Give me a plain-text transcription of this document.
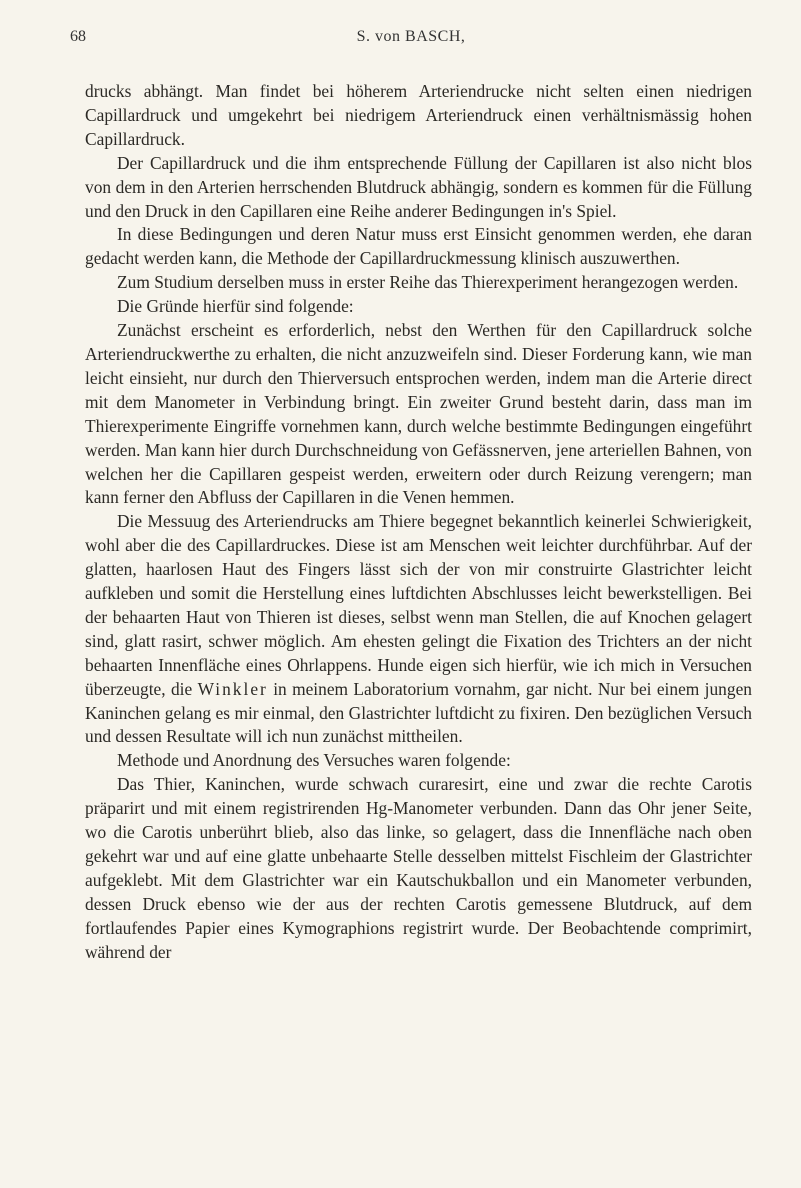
68	S. von BASCH,

drucks abhängt. Man findet bei höherem Arteriendrucke nicht selten einen niedrigen Capillardruck und umgekehrt bei niedrigem Arteriendruck einen verhältnismässig hohen Capillardruck.

Der Capillardruck und die ihm entsprechende Füllung der Capillaren ist also nicht blos von dem in den Arterien herrschenden Blutdruck abhängig, sondern es kommen für die Füllung und den Druck in den Capillaren eine Reihe anderer Bedingungen in's Spiel.

In diese Bedingungen und deren Natur muss erst Einsicht genommen werden, ehe daran gedacht werden kann, die Methode der Capillardruckmessung klinisch auszuwerthen.

Zum Studium derselben muss in erster Reihe das Thierexperiment herangezogen werden.

Die Gründe hierfür sind folgende:

Zunächst erscheint es erforderlich, nebst den Werthen für den Capillardruck solche Arteriendruckwerthe zu erhalten, die nicht anzuzweifeln sind. Dieser Forderung kann, wie man leicht einsieht, nur durch den Thierversuch entsprochen werden, indem man die Arterie direct mit dem Manometer in Verbindung bringt. Ein zweiter Grund besteht darin, dass man im Thierexperimente Eingriffe vornehmen kann, durch welche bestimmte Bedingungen eingeführt werden. Man kann hier durch Durchschneidung von Gefässnerven, jene arteriellen Bahnen, von welchen her die Capillaren gespeist werden, erweitern oder durch Reizung verengern; man kann ferner den Abfluss der Capillaren in die Venen hemmen.

Die Messuug des Arteriendrucks am Thiere begegnet bekanntlich keinerlei Schwierigkeit, wohl aber die des Capillardruckes. Diese ist am Menschen weit leichter durchführbar. Auf der glatten, haarlosen Haut des Fingers lässt sich der von mir construirte Glastrichter leicht aufkleben und somit die Herstellung eines luftdichten Abschlusses leicht bewerkstelligen. Bei der behaarten Haut von Thieren ist dieses, selbst wenn man Stellen, die auf Knochen gelagert sind, glatt rasirt, schwer möglich. Am ehesten gelingt die Fixation des Trichters an der nicht behaarten Innenfläche eines Ohrlappens. Hunde eigen sich hierfür, wie ich mich in Versuchen überzeugte, die Winkler in meinem Laboratorium vornahm, gar nicht. Nur bei einem jungen Kaninchen gelang es mir einmal, den Glastrichter luftdicht zu fixiren. Den bezüglichen Versuch und dessen Resultate will ich nun zunächst mittheilen.

Methode und Anordnung des Versuches waren folgende:

Das Thier, Kaninchen, wurde schwach curaresirt, eine und zwar die rechte Carotis präparirt und mit einem registrirenden Hg-Manometer verbunden. Dann das Ohr jener Seite, wo die Carotis unberührt blieb, also das linke, so gelagert, dass die Innenfläche nach oben gekehrt war und auf eine glatte unbehaarte Stelle desselben mittelst Fischleim der Glastrichter aufgeklebt. Mit dem Glastrichter war ein Kautschukballon und ein Manometer verbunden, dessen Druck ebenso wie der aus der rechten Carotis gemessene Blutdruck, auf dem fortlaufendes Papier eines Kymographions registrirt wurde. Der Beobachtende comprimirt, während der
